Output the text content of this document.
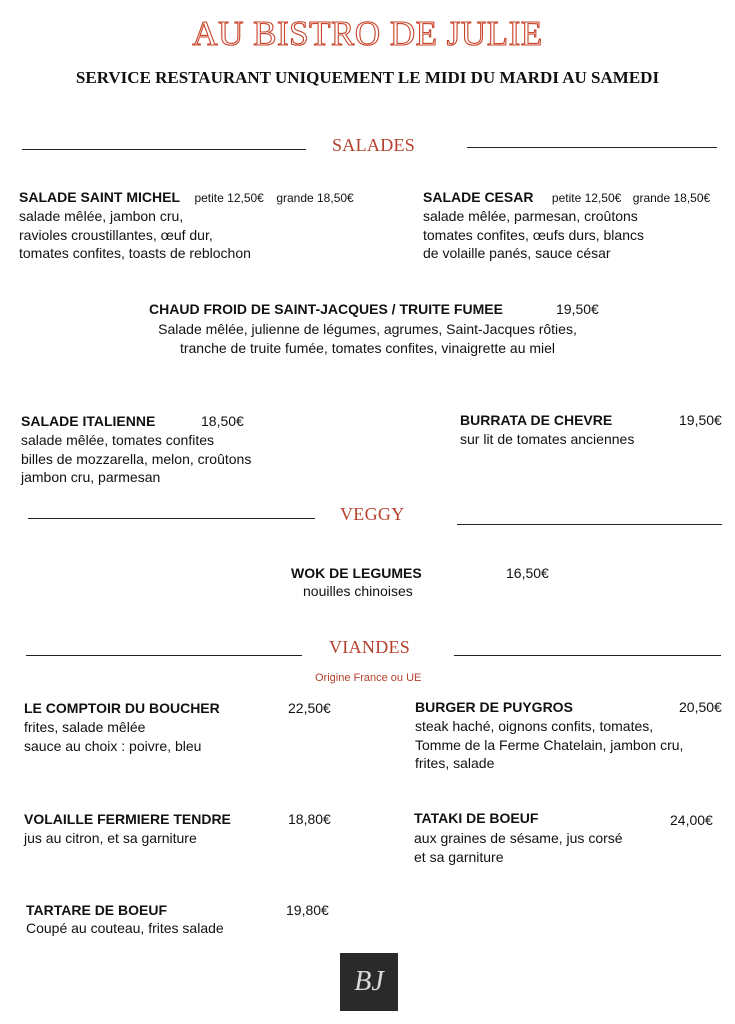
AU BISTRO DE JULIE
SERVICE RESTAURANT UNIQUEMENT LE MIDI DU MARDI AU SAMEDI
SALADES
SALADE SAINT MICHEL petite 12,50€ grande 18,50€
salade mêlée, jambon cru,
ravioles croustillantes, œuf dur,
tomates confites, toasts de reblochon
SALADE CESAR petite 12,50€ grande 18,50€
salade mêlée, parmesan, croûtons
tomates confites, œufs durs, blancs
de volaille panés, sauce césar
CHAUD FROID DE SAINT-JACQUES / TRUITE FUMEE	19,50€
Salade mêlée, julienne de légumes, agrumes, Saint-Jacques rôties,
tranche de truite fumée, tomates confites, vinaigrette au miel
SALADE ITALIENNE	18,50€
salade mêlée, tomates confites
billes de mozzarella, melon, croûtons
jambon cru, parmesan
BURRATA DE CHEVRE	19,50€
sur lit de tomates anciennes
VEGGY
WOK DE LEGUMES	16,50€
nouilles chinoises
VIANDES
Origine France ou UE
LE COMPTOIR DU BOUCHER	22,50€
frites, salade mêlée
sauce au choix : poivre, bleu
BURGER DE PUYGROS	20,50€
steak haché, oignons confits, tomates,
Tomme de la Ferme Chatelain, jambon cru,
frites, salade
VOLAILLE FERMIERE TENDRE	18,80€
jus au citron, et sa garniture
TATAKI DE BOEUF	24,00€
aux graines de sésame, jus corsé
et sa garniture
TARTARE DE BOEUF	19,80€
Coupé au couteau, frites salade
BJ
